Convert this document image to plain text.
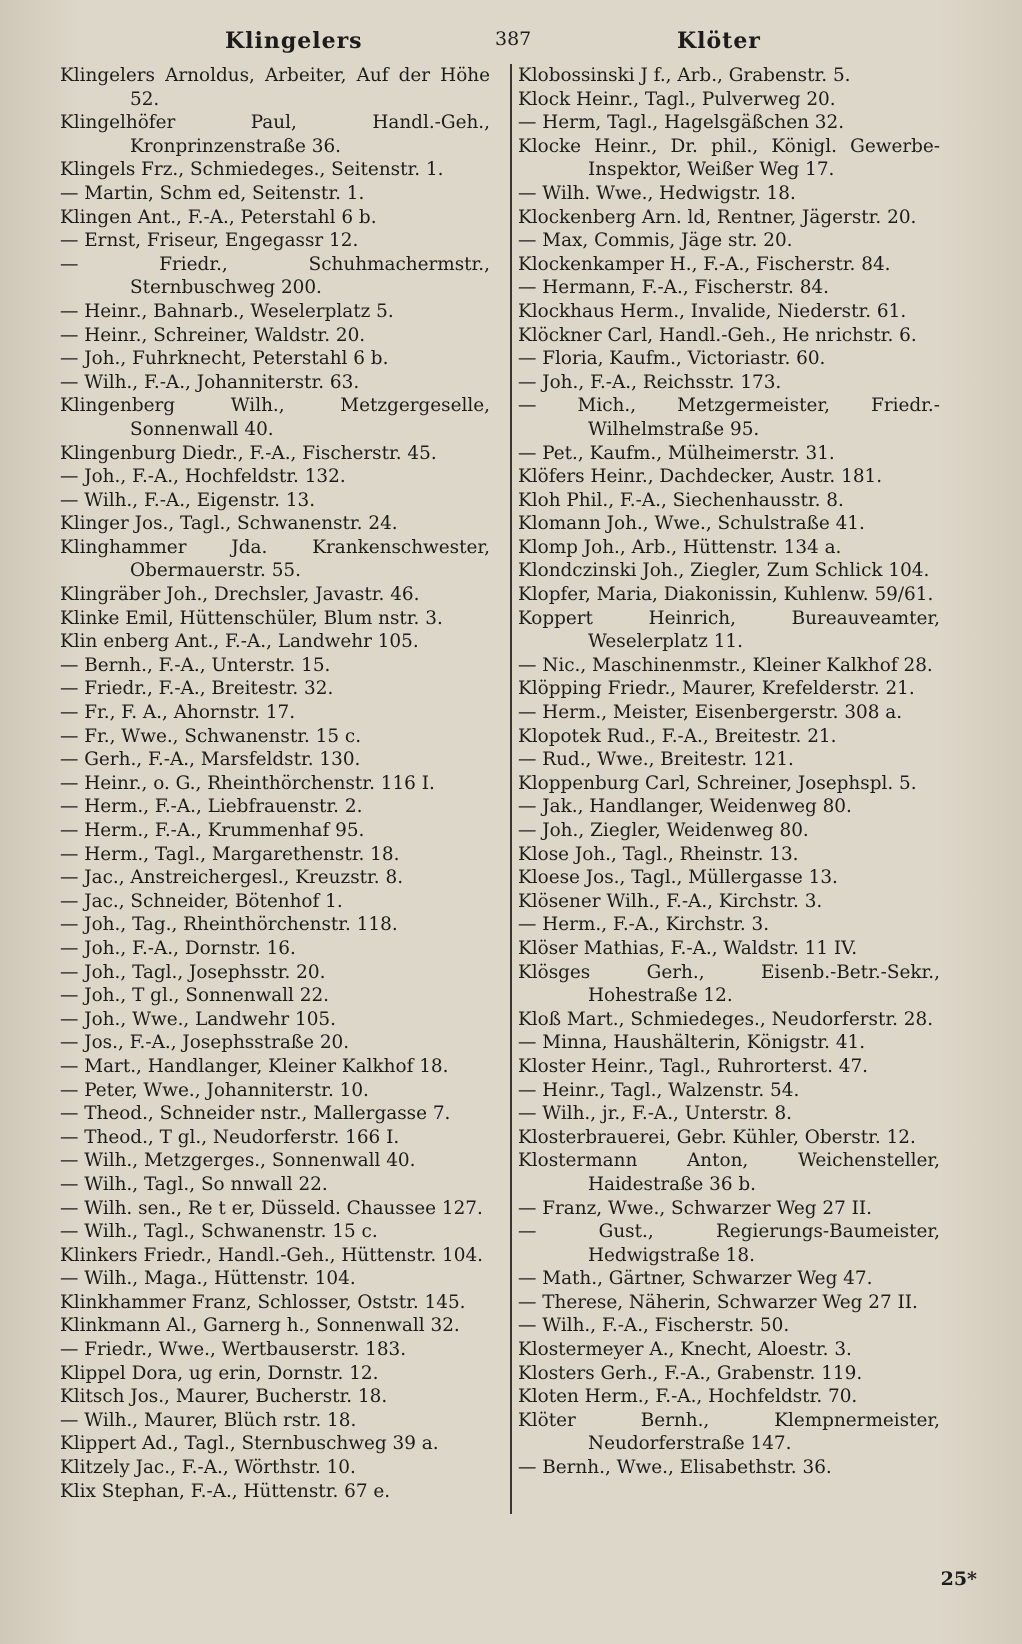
Klingelers	387	Klöter

Klingelers Arnoldus, Arbeiter, Auf der Höhe 52.

Klingelhöfer Paul, Handl.-Geh., Kronprinzenstraße 36.

Klingels Frz., Schmiedeges., Seitenstr. 1.

— Martin, Schm ed, Seitenstr. 1.

Klingen Ant., F.-A., Peterstahl 6 b.

— Ernst, Friseur, Engegassr 12.

— Friedr., Schuhmachermstr., Sternbuschweg 200.

— Heinr., Bahnarb., Weselerplatz 5.

— Heinr., Schreiner, Waldstr. 20.

— Joh., Fuhrknecht, Peterstahl 6 b.

— Wilh., F.-A., Johanniterstr. 63.

Klingenberg Wilh., Metzgergeselle, Sonnenwall 40.

Klingenburg Diedr., F.-A., Fischerstr. 45.

— Joh., F.-A., Hochfeldstr. 132.

— Wilh., F.-A., Eigenstr. 13.

Klinger Jos., Tagl., Schwanenstr. 24.

Klinghammer Jda. Krankenschwester, Obermauerstr. 55.

Klingräber Joh., Drechsler, Javastr. 46.

Klinke Emil, Hüttenschüler, Blum nstr. 3.

Klin enberg Ant., F.-A., Landwehr 105.

— Bernh., F.-A., Unterstr. 15.

— Friedr., F.-A., Breitestr. 32.

— Fr., F. A., Ahornstr. 17.

— Fr., Wwe., Schwanenstr. 15 c.

— Gerh., F.-A., Marsfeldstr. 130.

— Heinr., o. G., Rheinthörchenstr. 116 I.

— Herm., F.-A., Liebfrauenstr. 2.

— Herm., F.-A., Krummenhaf 95.

— Herm., Tagl., Margarethenstr. 18.

— Jac., Anstreichergesl., Kreuzstr. 8.

— Jac., Schneider, Bötenhof 1.

— Joh., Tag., Rheinthörchenstr. 118.

— Joh., F.-A., Dornstr. 16.

— Joh., Tagl., Josephsstr. 20.

— Joh., T gl., Sonnenwall 22.

— Joh., Wwe., Landwehr 105.

— Jos., F.-A., Josephsstraße 20.

— Mart., Handlanger, Kleiner Kalkhof 18.

— Peter, Wwe., Johanniterstr. 10.

— Theod., Schneider nstr., Mallergasse 7.

— Theod., T gl., Neudorferstr. 166 I.

— Wilh., Metzgerges., Sonnenwall 40.

— Wilh., Tagl., So nnwall 22.

— Wilh. sen., Re t er, Düsseld. Chaussee 127.

— Wilh., Tagl., Schwanenstr. 15 c.

Klinkers Friedr., Handl.-Geh., Hüttenstr. 104.

— Wilh., Maga., Hüttenstr. 104.

Klinkhammer Franz, Schlosser, Oststr. 145.

Klinkmann Al., Garnerg h., Sonnenwall 32.

— Friedr., Wwe., Wertbauserstr. 183.

Klippel Dora, ug erin, Dornstr. 12.

Klitsch Jos., Maurer, Bucherstr. 18.

— Wilh., Maurer, Blüch rstr. 18.

Klippert Ad., Tagl., Sternbuschweg 39 a.

Klitzely Jac., F.-A., Wörthstr. 10.

Klix Stephan, F.-A., Hüttenstr. 67 e.

Klobossinski J f., Arb., Grabenstr. 5.

Klock Heinr., Tagl., Pulverweg 20.

— Herm, Tagl., Hagelsgäßchen 32.

Klocke Heinr., Dr. phil., Königl. Gewerbe-Inspektor, Weißer Weg 17.

— Wilh. Wwe., Hedwigstr. 18.

Klockenberg Arn. ld, Rentner, Jägerstr. 20.

— Max, Commis, Jäge str. 20.

Klockenkamper H., F.-A., Fischerstr. 84.

— Hermann, F.-A., Fischerstr. 84.

Klockhaus Herm., Invalide, Niederstr. 61.

Klöckner Carl, Handl.-Geh., He nrichstr. 6.

— Floria, Kaufm., Victoriastr. 60.

— Joh., F.-A., Reichsstr. 173.

— Mich., Metzgermeister, Friedr.-Wilhelmstraße 95.

— Pet., Kaufm., Mülheimerstr. 31.

Klöfers Heinr., Dachdecker, Austr. 181.

Kloh Phil., F.-A., Siechenhausstr. 8.

Klomann Joh., Wwe., Schulstraße 41.

Klomp Joh., Arb., Hüttenstr. 134 a.

Klondczinski Joh., Ziegler, Zum Schlick 104.

Klopfer, Maria, Diakonissin, Kuhlenw. 59/61.

Koppert Heinrich, Bureauveamter, Weselerplatz 11.

— Nic., Maschinenmstr., Kleiner Kalkhof 28.

Klöpping Friedr., Maurer, Krefelderstr. 21.

— Herm., Meister, Eisenbergerstr. 308 a.

Klopotek Rud., F.-A., Breitestr. 21.

— Rud., Wwe., Breitestr. 121.

Kloppenburg Carl, Schreiner, Josephspl. 5.

— Jak., Handlanger, Weidenweg 80.

— Joh., Ziegler, Weidenweg 80.

Klose Joh., Tagl., Rheinstr. 13.

Kloese Jos., Tagl., Müllergasse 13.

Klösener Wilh., F.-A., Kirchstr. 3.

— Herm., F.-A., Kirchstr. 3.

Klöser Mathias, F.-A., Waldstr. 11 IV.

Klösges Gerh., Eisenb.-Betr.-Sekr., Hohestraße 12.

Kloß Mart., Schmiedeges., Neudorferstr. 28.

— Minna, Haushälterin, Königstr. 41.

Kloster Heinr., Tagl., Ruhrorterst. 47.

— Heinr., Tagl., Walzenstr. 54.

— Wilh., jr., F.-A., Unterstr. 8.

Klosterbrauerei, Gebr. Kühler, Oberstr. 12.

Klostermann Anton, Weichensteller, Haidestraße 36 b.

— Franz, Wwe., Schwarzer Weg 27 II.

— Gust., Regierungs-Baumeister, Hedwigstraße 18.

— Math., Gärtner, Schwarzer Weg 47.

— Therese, Näherin, Schwarzer Weg 27 II.

— Wilh., F.-A., Fischerstr. 50.

Klostermeyer A., Knecht, Aloestr. 3.

Klosters Gerh., F.-A., Grabenstr. 119.

Kloten Herm., F.-A., Hochfeldstr. 70.

Klöter Bernh., Klempnermeister, Neudorferstraße 147.

— Bernh., Wwe., Elisabethstr. 36.

25*
